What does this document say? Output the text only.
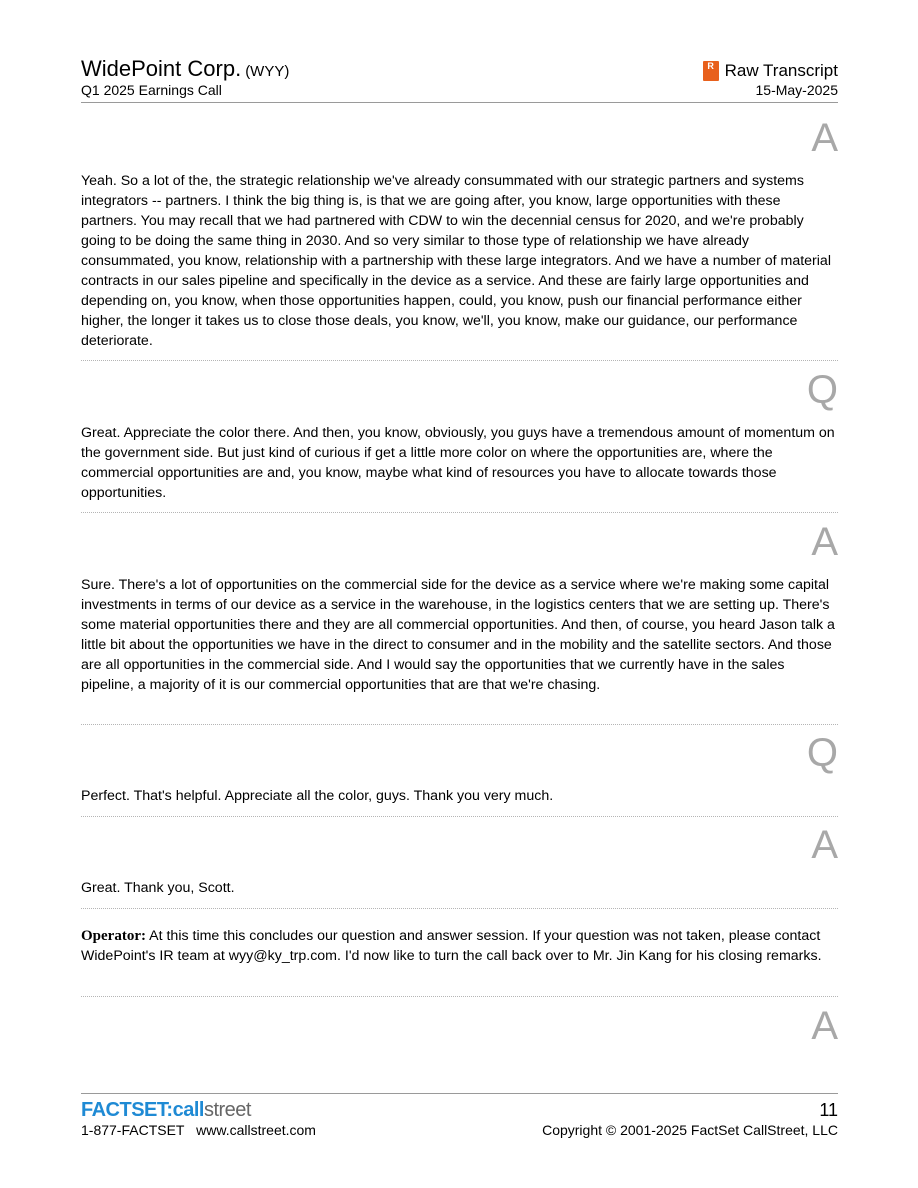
WidePoint Corp. (WYY)
Q1 2025 Earnings Call
R Raw Transcript
15-May-2025
A
Yeah. So a lot of the, the strategic relationship we've already consummated with our strategic partners and systems integrators -- partners. I think the big thing is, is that we are going after, you know, large opportunities with these partners. You may recall that we had partnered with CDW to win the decennial census for 2020, and we're probably going to be doing the same thing in 2030. And so very similar to those type of relationship we have already consummated, you know, relationship with a partnership with these large integrators. And we have a number of material contracts in our sales pipeline and specifically in the device as a service. And these are fairly large opportunities and depending on, you know, when those opportunities happen, could, you know, push our financial performance either higher, the longer it takes us to close those deals, you know, we'll, you know, make our guidance, our performance deteriorate.
Q
Great. Appreciate the color there. And then, you know, obviously, you guys have a tremendous amount of momentum on the government side. But just kind of curious if get a little more color on where the opportunities are, where the commercial opportunities are and, you know, maybe what kind of resources you have to allocate towards those opportunities.
A
Sure. There's a lot of opportunities on the commercial side for the device as a service where we're making some capital investments in terms of our device as a service in the warehouse, in the logistics centers that we are setting up. There's some material opportunities there and they are all commercial opportunities. And then, of course, you heard Jason talk a little bit about the opportunities we have in the direct to consumer and in the mobility and the satellite sectors. And those are all opportunities in the commercial side. And I would say the opportunities that we currently have in the sales pipeline, a majority of it is our commercial opportunities that are that we're chasing.
Q
Perfect. That's helpful. Appreciate all the color, guys. Thank you very much.
A
Great. Thank you, Scott.
Operator: At this time this concludes our question and answer session. If your question was not taken, please contact WidePoint's IR team at wyy@ky_trp.com. I'd now like to turn the call back over to Mr. Jin Kang for his closing remarks.
A
FACTSET:callstreet
1-877-FACTSET www.callstreet.com
11
Copyright © 2001-2025 FactSet CallStreet, LLC
